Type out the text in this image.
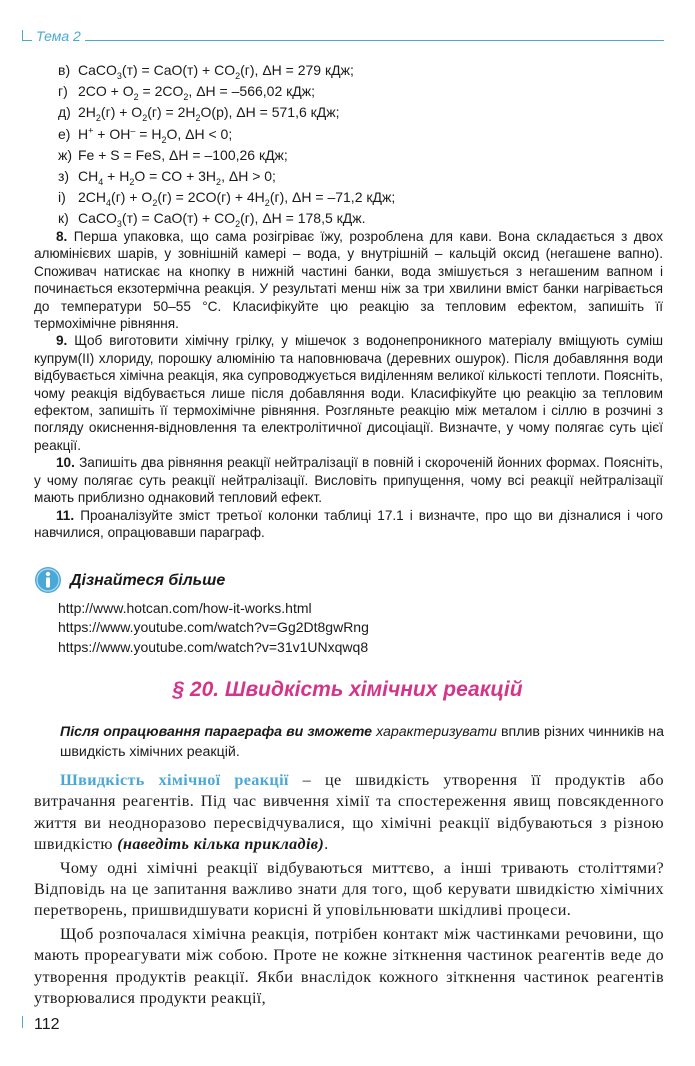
Тема 2
в) CaCO$_3$(т) = $CaO(т) + CO_2(г)$, ΔH = 279 кДж;
г) $2CO + O_2 = 2CO_2$, ΔH = –566,02 кДж;
д) $2H_2(г) + O_2(г) = 2H_2O(р)$, ΔH = 571,6 кДж;
е) $H^+ + OH^- = H_2O$, ΔH < 0;
ж) Fe + S = FeS, ΔH = –100,26 кДж;
з) $CH_4 + H_2O$ = CO + $3H_2$, ΔH > 0;
і) $2CH_4(г) + O_2(г) = 2CO(г) + 4H_2(г)$, ΔH = –71,2 кДж;
к) CaCO$_3$(т) = $CaO(т) + CO_2(г)$, ΔH = 178,5 кДж.

8. Перша упаковка, що сама розігріває їжу, розроблена для кави. Вона складається з двох алюмінієвих шарів, у зовнішній камері – вода, у внутрішній – кальцій оксид (негашене вапно). Споживач натискає на кнопку в нижній частині банки, вода змішується з негашеним вапном і починається екзотермічна реакція. У результаті менш ніж за три хвилини вміст банки нагрівається до температури 50–55 °С. Класифікуйте цю реакцію за тепловим ефектом, запишіть її термохімічне рівняння.

9. Щоб виготовити хімічну грілку, у мішечок з водонепроникного матеріалу вміщують суміш купрум(ІІ) хлориду, порошку алюмінію та наповнювача (деревних ошурок). Після добавляння води відбувається хімічна реакція, яка супроводжується виділенням великої кількості теплоти. Поясніть, чому реакція відбувається лише після добавляння води. Класифікуйте цю реакцію за тепловим ефектом, запишіть її термохімічне рівняння. Розгляньте реакцію між металом і сіллю в розчині з погляду окиснення-відновлення та електролітичної дисоціації. Визначте, у чому полягає суть цієї реакції.

10. Запишіть два рівняння реакції нейтралізації в повній і скороченій йонних формах. Поясніть, у чому полягає суть реакції нейтралізації. Висловіть припущення, чому всі реакції нейтралізації мають приблизно однаковий тепловий ефект.

11. Проаналізуйте зміст третьої колонки таблиці 17.1 і визначте, про що ви дізналися і чого навчилися, опрацювавши параграф.

Дізнайтеся більше
http://www.hotcan.com/how-it-works.html
https://www.youtube.com/watch?v=Gg2Dt8gwRng
https://www.youtube.com/watch?v=31v1UNxqwq8
§ 20. Швидкість хімічних реакцій
Після опрацювання параграфа ви зможете характеризувати вплив різних чинників на швидкість хімічних реакцій.

Швидкість хімічної реакції – це швидкість утворення її продуктів або витрачання реагентів. Під час вивчення хімії та спостереження явищ повсякденного життя ви неодноразово пересвідчувалися, що хімічні реакції відбуваються з різною швидкістю (наведіть кілька прикладів).

Чому одні хімічні реакції відбуваються миттєво, а інші тривають століттями? Відповідь на це запитання важливо знати для того, щоб керувати швидкістю хімічних перетворень, пришвидшувати корисні й уповільнювати шкідливі процеси.

Щоб розпочалася хімічна реакція, потрібен контакт між частинками речовини, що мають прореагувати між собою. Проте не кожне зіткнення частинок реагентів веде до утворення продуктів реакції. Якби внаслідок кожного зіткнення частинок реагентів утворювалися продукти реакції,

112
